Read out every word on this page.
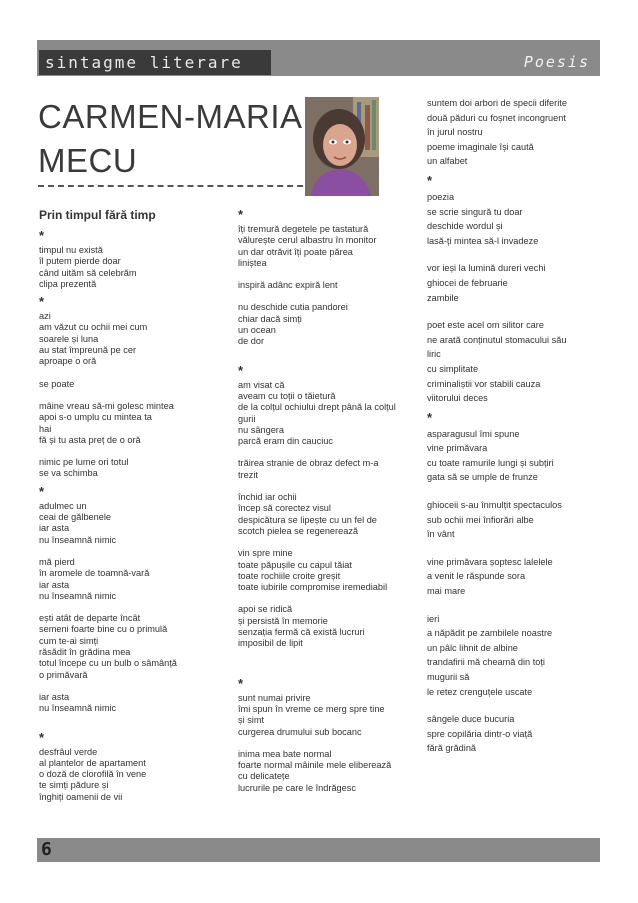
sintagme literare	Poesis
CARMEN-MARIA
MECU
Prin timpul fără timp
*
timpul nu există
îl putem pierde doar
când uităm să celebrăm
clipa prezentă
*
azi
am văzut cu ochii mei cum
soarele și luna
au stat împreună pe cer
aproape o oră
se poate
mâine vreau să-mi golesc mintea
apoi s-o umplu cu mintea ta
hai
fă și tu asta preț de o oră
nimic pe lume ori totul
se va schimba
*
adulmec un
ceai de gălbenele
iar asta
nu înseamnă nimic
mă pierd
în aromele de toamnă-vară
iar asta
nu înseamnă nimic
ești atât de departe încât
semeni foarte bine cu o primulă
cum te-ai simți
răsădit în grădina mea
totul începe cu un bulb o sâmânță
o primăvară
iar asta
nu înseamnă nimic
*
desfrâul verde
al plantelor de apartament
o doză de clorofilă în vene
te simți pădure și
înghiți oamenii de vii
*
îți tremură degetele pe tastatură
vălurește cerul albastru în monitor
un dar otrăvit îți poate părea
liniștea
inspiră adânc expiră lent
nu deschide cutia pandorei
chiar dacă simți
un ocean
de dor
*
am visat că
aveam cu toții o tăietură
de la colțul ochiului drept până la colțul
gurii
nu sângera
parcă eram din cauciuc
trăirea stranie de obraz defect m-a
trezit
închid iar ochii
încep să corectez visul
despicătura se lipește cu un fel de
scotch pielea se regenerează
vin spre mine
toate păpușile cu capul tăiat
toate rochiile croite greșit
toate iubirile compromise iremediabil
apoi se ridică
și persistă în memorie
senzația fermă că există lucruri
imposibil de lipit
*
sunt numai privire
îmi spun în vreme ce merg spre tine
și simt
curgerea drumului sub bocanc
inima mea bate normal
foarte normal mâinile mele eliberează
cu delicatețe
lucrurile pe care le îndrăgesc
suntem doi arbori de specii diferite
două păduri cu foșnet incongruent
în jurul nostru
poeme imaginale își caută
un alfabet
*
poezia
se scrie singură tu doar
deschide wordul și
lasă-ți mintea să-l invadeze
vor ieși la lumină dureri vechi
ghiocei de februarie
zambile
poet este acel om silitor care
ne arată conținutul stomacului său
liric
cu simplitate
criminaliștii vor stabili cauza
viitorului deces
*
asparagusul îmi spune
vine primăvara
cu toate ramurile lungi și subțiri
gata să se umple de frunze
ghioceii s-au înmulțit spectaculos
sub ochii mei înfiorări albe
în vânt
vine primăvara șoptesc lalelele
a venit le răspunde sora
mai mare
ieri
a năpădit pe zambilele noastre
un pâlc lihnit de albine
trandafirii mă cheamă din toți
mugurii să
le retez crenguțele uscate
sângele duce bucuria
spre copilăria dintr-o viață
fără grădină
6
